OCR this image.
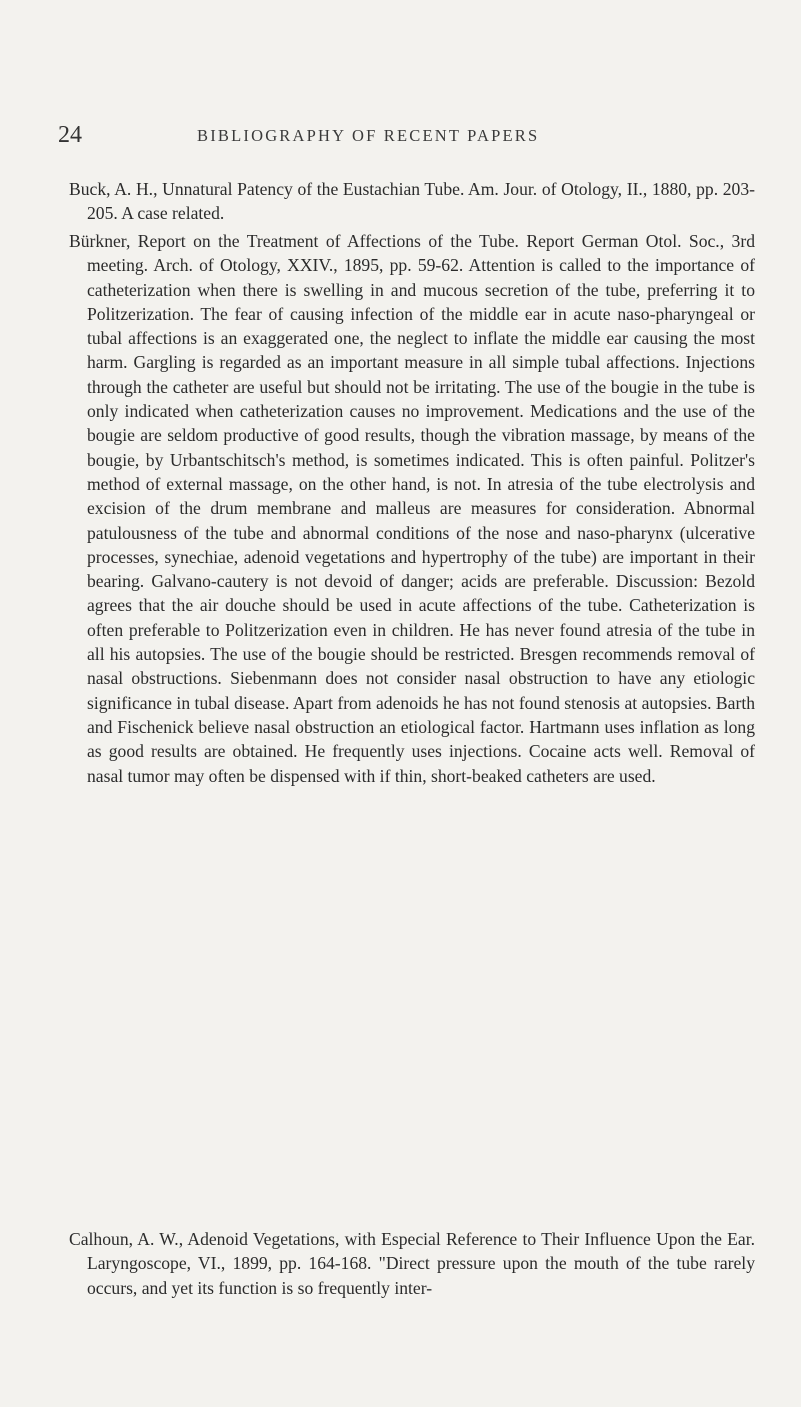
24	BIBLIOGRAPHY OF RECENT PAPERS

Buck, A. H., Unnatural Patency of the Eustachian Tube. Am. Jour. of Otology, II., 1880, pp. 203-205. A case related.

Bürkner, Report on the Treatment of Affections of the Tube. Report German Otol. Soc., 3rd meeting. Arch. of Otology, XXIV., 1895, pp. 59-62. Attention is called to the importance of catheterization when there is swelling in and mucous secretion of the tube, preferring it to Politzerization. The fear of causing infection of the middle ear in acute naso-pharyngeal or tubal affections is an exaggerated one, the neglect to inflate the middle ear causing the most harm. Gargling is regarded as an important measure in all simple tubal affections. Injections through the catheter are useful but should not be irritating. The use of the bougie in the tube is only indicated when catheterization causes no improvement. Medications and the use of the bougie are seldom productive of good results, though the vibration massage, by means of the bougie, by Urbantschitsch's method, is sometimes indicated. This is often painful. Politzer's method of external massage, on the other hand, is not. In atresia of the tube electrolysis and excision of the drum membrane and malleus are measures for consideration. Abnormal patulousness of the tube and abnormal conditions of the nose and naso-pharynx (ulcerative processes, synechiae, adenoid vegetations and hypertrophy of the tube) are important in their bearing. Galvano-cautery is not devoid of danger; acids are preferable. Discussion: Bezold agrees that the air douche should be used in acute affections of the tube. Catheterization is often preferable to Politzerization even in children. He has never found atresia of the tube in all his autopsies. The use of the bougie should be restricted. Bresgen recommends removal of nasal obstructions. Siebenmann does not consider nasal obstruction to have any etiologic significance in tubal disease. Apart from adenoids he has not found stenosis at autopsies. Barth and Fischenick believe nasal obstruction an etiological factor. Hartmann uses inflation as long as good results are obtained. He frequently uses injections. Cocaine acts well. Removal of nasal tumor may often be dispensed with if thin, short-beaked catheters are used.

Calhoun, A. W., Adenoid Vegetations, with Especial Reference to Their Influence Upon the Ear. Laryngoscope, VI., 1899, pp. 164-168. "Direct pressure upon the mouth of the tube rarely occurs, and yet its function is so frequently inter-
